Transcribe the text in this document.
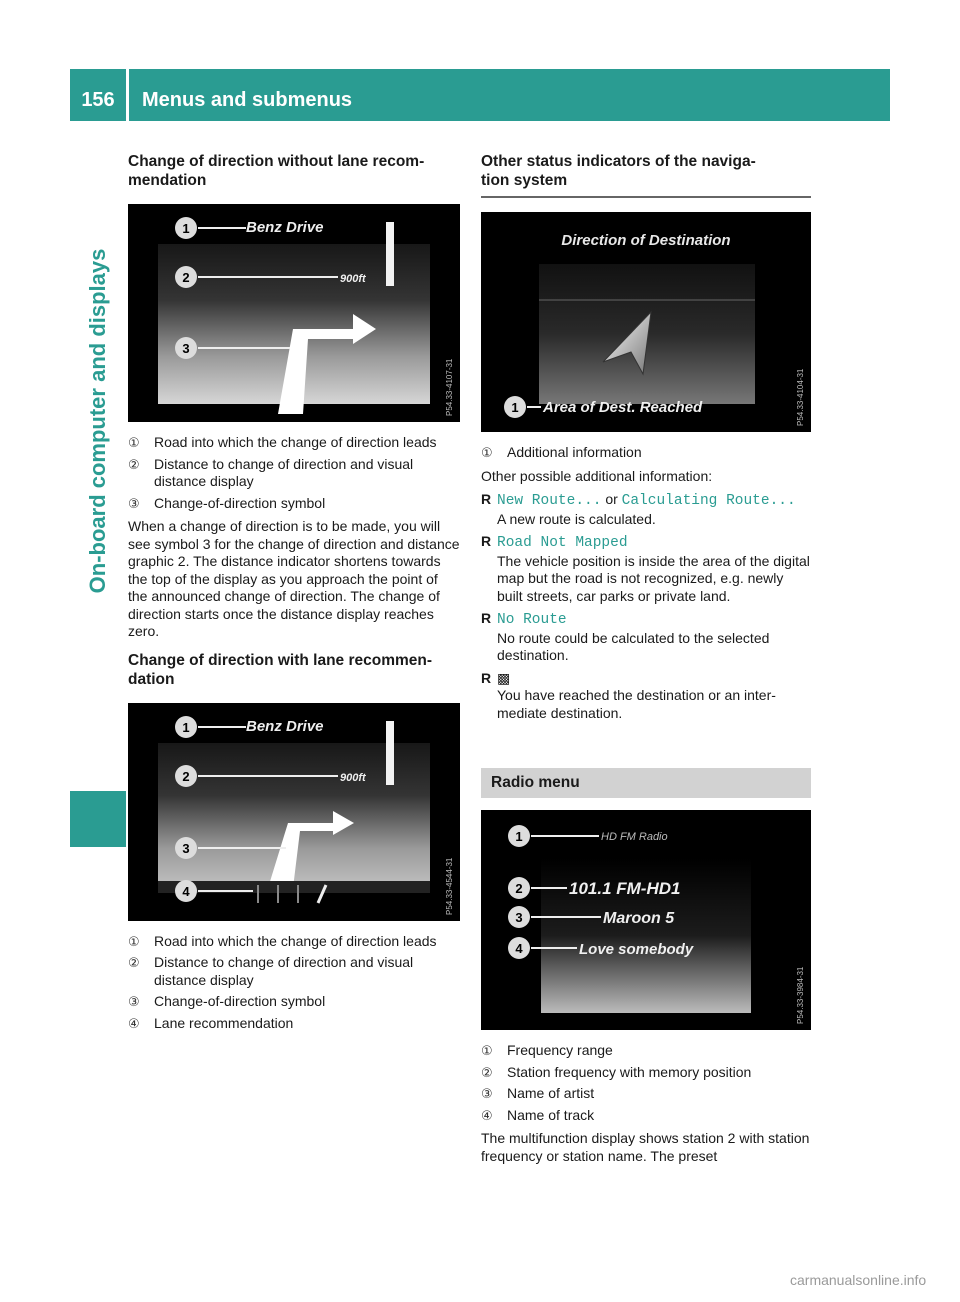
156	Menus and submenus
On-board computer and displays
Change of direction without lane recom-
mendation
1
2
3
Benz Drive
900ft
P54.33-4107-31
① Road into which the change of direction leads
② Distance to change of direction and visual distance display
③ Change-of-direction symbol

When a change of direction is to be made, you will see symbol 3 for the change of direction and distance graphic 2. The distance indicator shortens towards the top of the display as you approach the point of the announced change of direction. The change of direction starts once the distance display reaches zero.

Change of direction with lane recommen-
dation
1
2
3
4
Benz Drive
900ft
P54.33-4544-31
① Road into which the change of direction leads
② Distance to change of direction and visual distance display
③ Change-of-direction symbol
④ Lane recommendation
Other status indicators of the naviga-
tion system
Direction of Destination
1 Area of Dest. Reached	P54.33-4104-31
① Additional information

Other possible additional information:

R New Route... or Calculating Route...
A new route is calculated.
R Road Not Mapped
The vehicle position is inside the area of the digital map but the road is not recognized, e.g. newly built streets, car parks or private land.
R No Route
No route could be calculated to the selected destination.
R ▩
You have reached the destination or an inter-mediate destination.
Radio menu
1
2
3
4
HD FM Radio
101.1 FM-HD1
Maroon 5
Love somebody
P54.33-3984-31
① Frequency range
② Station frequency with memory position
③ Name of artist
④ Name of track

The multifunction display shows station 2 with station frequency or station name. The preset

carmanualsonline.info
